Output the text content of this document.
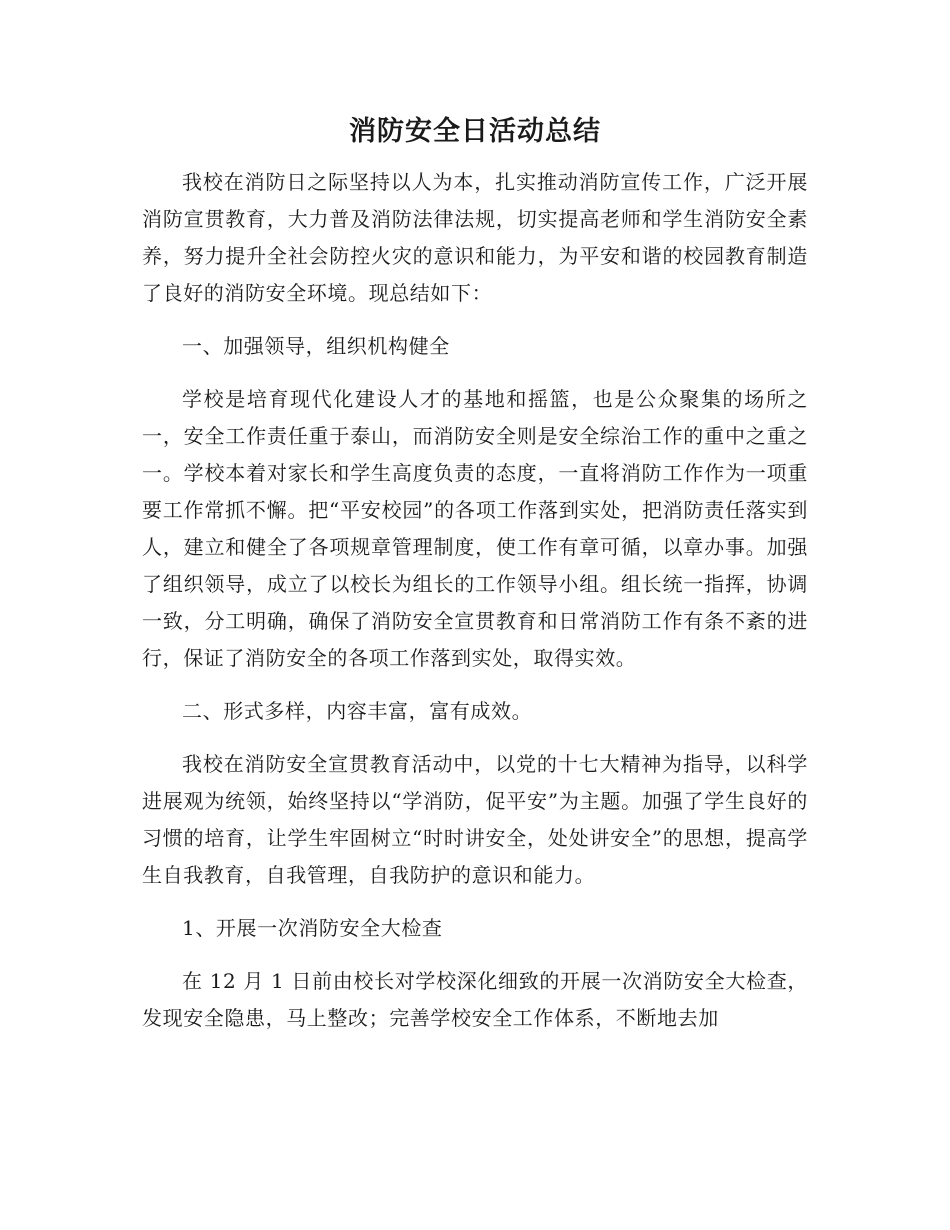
消防安全日活动总结

我校在消防日之际坚持以人为本，扎实推动消防宣传工作，广泛开展消防宣贯教育，大力普及消防法律法规，切实提高老师和学生消防安全素养，努力提升全社会防控火灾的意识和能力，为平安和谐的校园教育制造了良好的消防安全环境。现总结如下：

一、加强领导，组织机构健全

学校是培育现代化建设人才的基地和摇篮，也是公众聚集的场所之一，安全工作责任重于泰山，而消防安全则是安全综治工作的重中之重之一。学校本着对家长和学生高度负责的态度，一直将消防工作作为一项重要工作常抓不懈。把“平安校园”的各项工作落到实处，把消防责任落实到人，建立和健全了各项规章管理制度，使工作有章可循，以章办事。加强了组织领导，成立了以校长为组长的工作领导小组。组长统一指挥，协调一致，分工明确，确保了消防安全宣贯教育和日常消防工作有条不紊的进行，保证了消防安全的各项工作落到实处，取得实效。

二、形式多样，内容丰富，富有成效。

我校在消防安全宣贯教育活动中，以党的十七大精神为指导，以科学进展观为统领，始终坚持以“学消防，促平安”为主题。加强了学生良好的习惯的培育，让学生牢固树立“时时讲安全，处处讲安全”的思想，提高学生自我教育，自我管理，自我防护的意识和能力。

1、开展一次消防安全大检查

在 12 月 1 日前由校长对学校深化细致的开展一次消防安全大检查，发现安全隐患，马上整改；完善学校安全工作体系，不断地去加
